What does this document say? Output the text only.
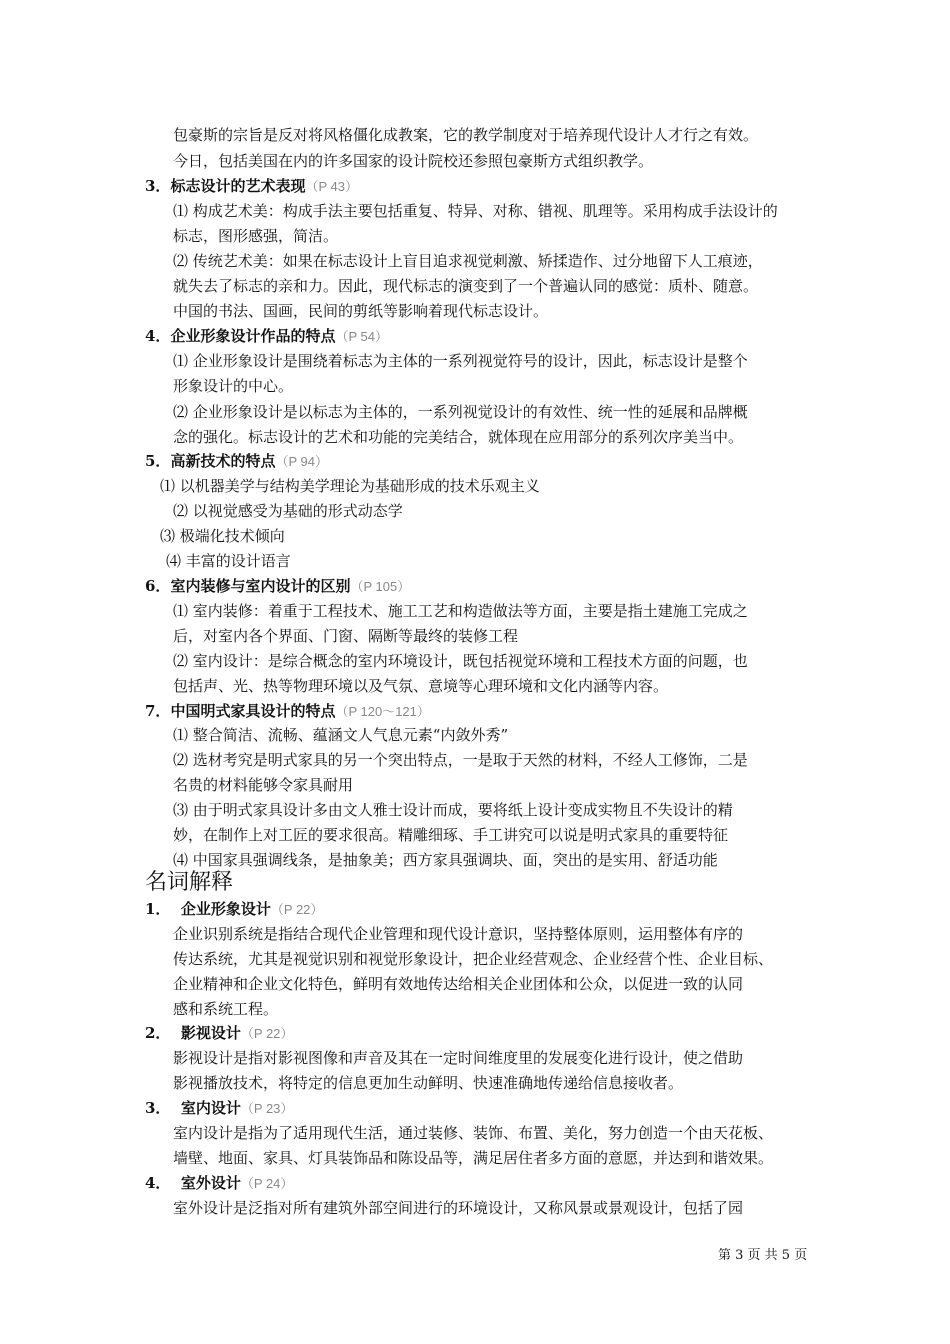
包豪斯的宗旨是反对将风格僵化成教案，它的教学制度对于培养现代设计人才行之有效。
今日，包括美国在内的许多国家的设计院校还参照包豪斯方式组织教学。
3．标志设计的艺术表现（P 43）
⑴ 构成艺术美：构成手法主要包括重复、特异、对称、错视、肌理等。采用构成手法设计的
标志，图形感强，简洁。
⑵ 传统艺术美：如果在标志设计上盲目追求视觉刺激、矫揉造作、过分地留下人工痕迹，
就失去了标志的亲和力。因此，现代标志的演变到了一个普遍认同的感觉：质朴、随意。
中国的书法、国画，民间的剪纸等影响着现代标志设计。
4．企业形象设计作品的特点（P 54）
⑴ 企业形象设计是围绕着标志为主体的一系列视觉符号的设计，因此，标志设计是整个
形象设计的中心。
⑵ 企业形象设计是以标志为主体的，一系列视觉设计的有效性、统一性的延展和品牌概
念的强化。标志设计的艺术和功能的完美结合，就体现在应用部分的系列次序美当中。
5．高新技术的特点（P 94）
⑴ 以机器美学与结构美学理论为基础形成的技术乐观主义
⑵ 以视觉感受为基础的形式动态学
⑶ 极端化技术倾向
⑷ 丰富的设计语言
6．室内装修与室内设计的区别（P 105）
⑴ 室内装修：着重于工程技术、施工工艺和构造做法等方面，主要是指土建施工完成之
后，对室内各个界面、门窗、隔断等最终的装修工程
⑵ 室内设计：是综合概念的室内环境设计，既包括视觉环境和工程技术方面的问题，也
包括声、光、热等物理环境以及气氛、意境等心理环境和文化内涵等内容。
7．中国明式家具设计的特点（P 120～121）
⑴ 整合简洁、流畅、蕴涵文人气息元素“内敛外秀”
⑵ 选材考究是明式家具的另一个突出特点，一是取于天然的材料，不经人工修饰，二是
名贵的材料能够令家具耐用
⑶ 由于明式家具设计多由文人雅士设计而成，要将纸上设计变成实物且不失设计的精
妙，在制作上对工匠的要求很高。精雕细琢、手工讲究可以说是明式家具的重要特征
⑷ 中国家具强调线条，是抽象美；西方家具强调块、面，突出的是实用、舒适功能
名词解释
1． 企业形象设计（P 22）
企业识别系统是指结合现代企业管理和现代设计意识，坚持整体原则，运用整体有序的
传达系统，尤其是视觉识别和视觉形象设计，把企业经营观念、企业经营个性、企业目标、
企业精神和企业文化特色，鲜明有效地传达给相关企业团体和公众，以促进一致的认同
感和系统工程。
2． 影视设计（P 22）
影视设计是指对影视图像和声音及其在一定时间维度里的发展变化进行设计，使之借助
影视播放技术，将特定的信息更加生动鲜明、快速准确地传递给信息接收者。
3． 室内设计（P 23）
室内设计是指为了适用现代生活，通过装修、装饰、布置、美化，努力创造一个由天花板、
墙壁、地面、家具、灯具装饰品和陈设品等，满足居住者多方面的意愿，并达到和谐效果。
4． 室外设计（P 24）
室外设计是泛指对所有建筑外部空间进行的环境设计，又称风景或景观设计，包括了园
第 3 页 共 5 页
